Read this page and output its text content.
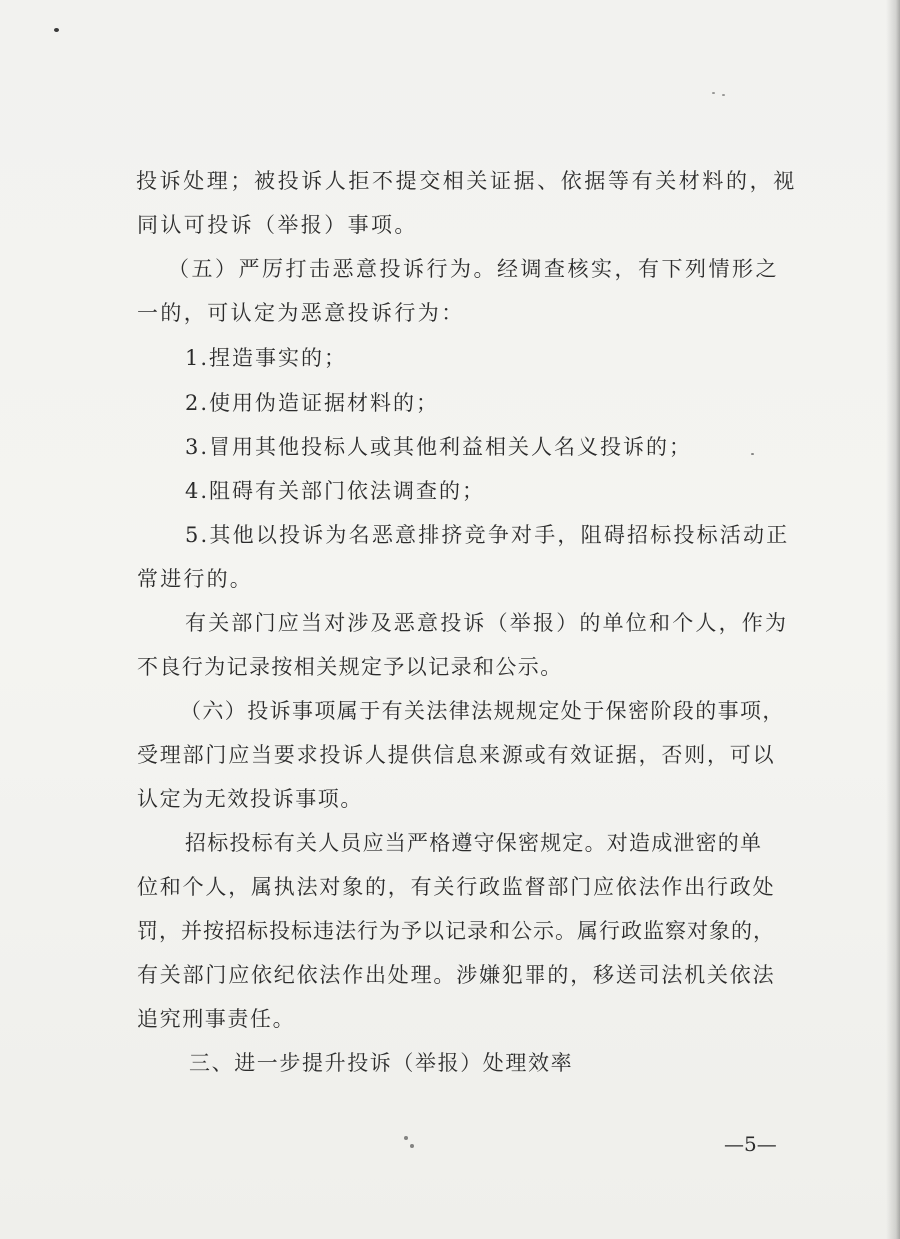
投诉处理；被投诉人拒不提交相关证据、依据等有关材料的，视
同认可投诉（举报）事项。
（五）严厉打击恶意投诉行为。经调查核实，有下列情形之
一的，可认定为恶意投诉行为：
1.捏造事实的；
2.使用伪造证据材料的；
3.冒用其他投标人或其他利益相关人名义投诉的；
4.阻碍有关部门依法调查的；
5.其他以投诉为名恶意排挤竞争对手，阻碍招标投标活动正
常进行的。
有关部门应当对涉及恶意投诉（举报）的单位和个人，作为
不良行为记录按相关规定予以记录和公示。
（六）投诉事项属于有关法律法规规定处于保密阶段的事项，
受理部门应当要求投诉人提供信息来源或有效证据，否则，可以
认定为无效投诉事项。
招标投标有关人员应当严格遵守保密规定。对造成泄密的单
位和个人，属执法对象的，有关行政监督部门应依法作出行政处
罚，并按招标投标违法行为予以记录和公示。属行政监察对象的，
有关部门应依纪依法作出处理。涉嫌犯罪的，移送司法机关依法
追究刑事责任。
三、进一步提升投诉（举报）处理效率
—5—
